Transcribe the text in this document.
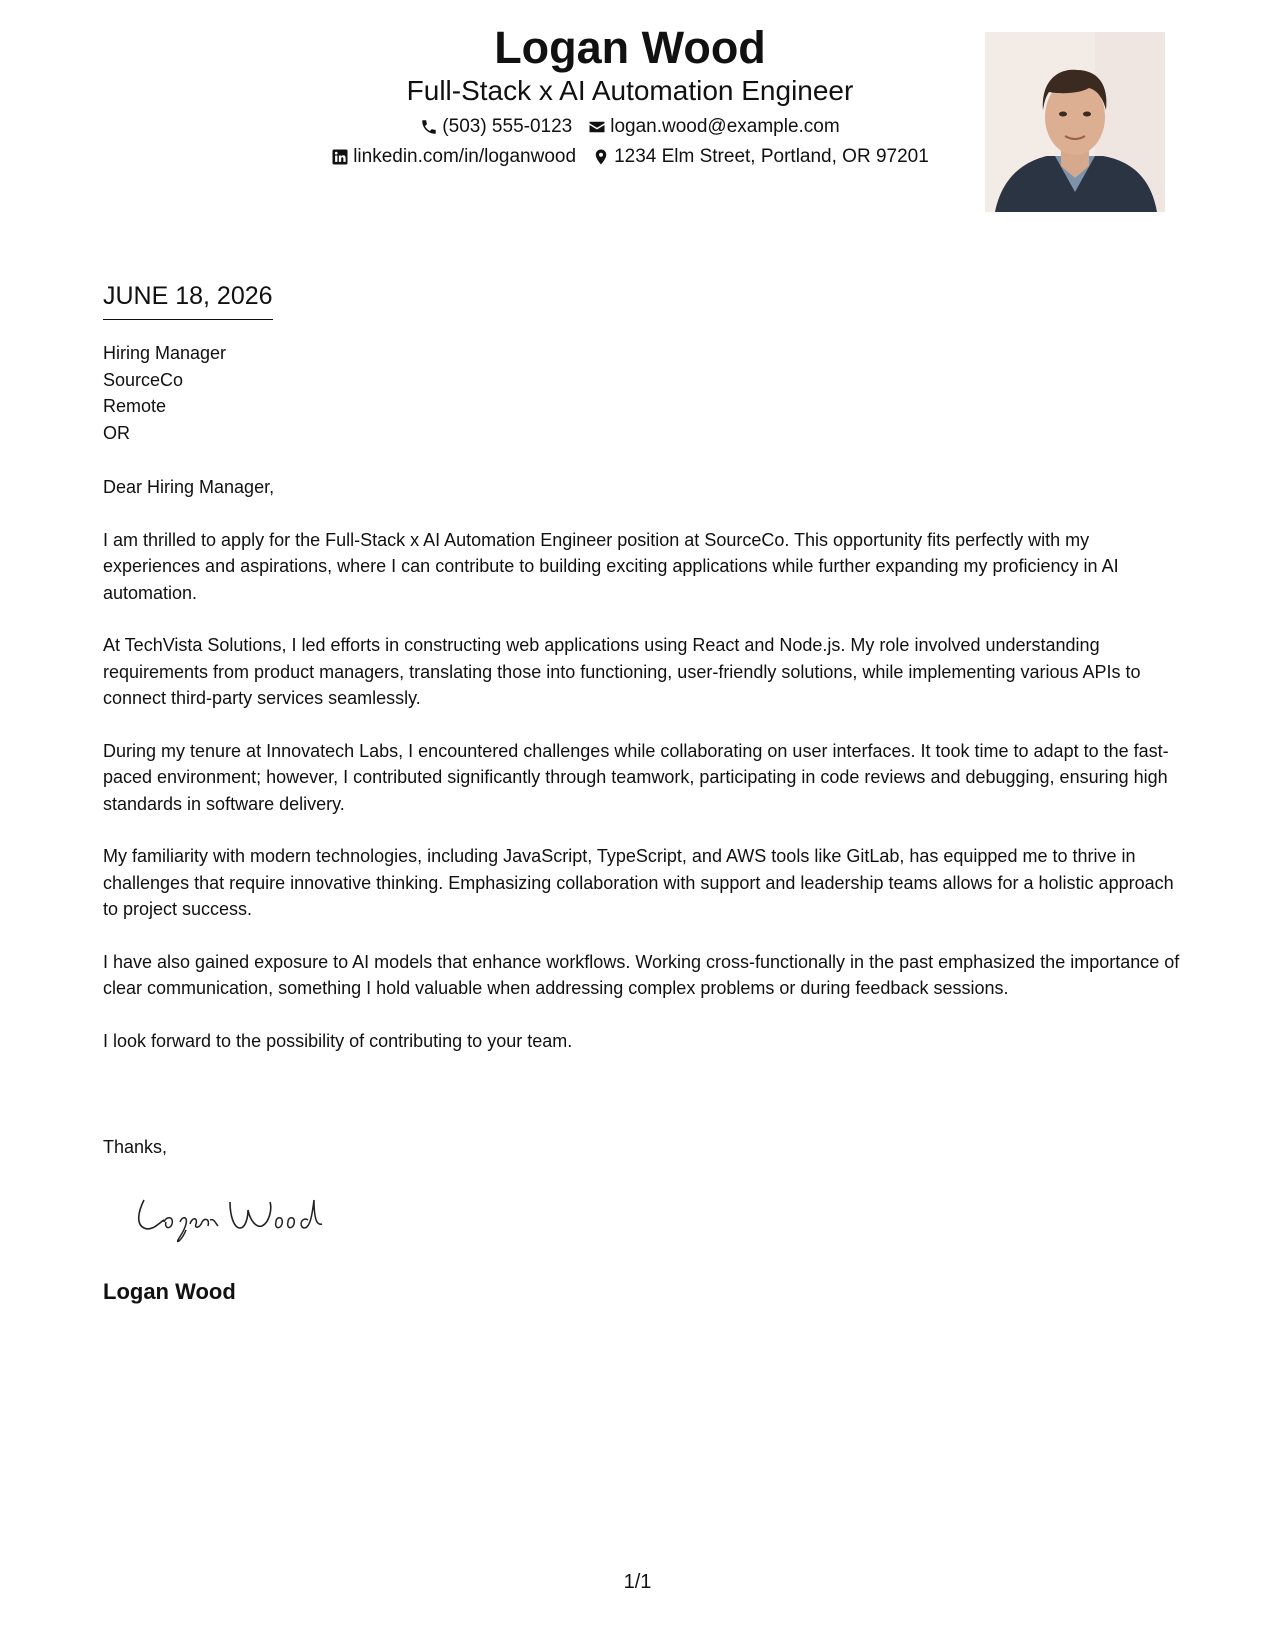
Logan Wood
Full-Stack x AI Automation Engineer
(503) 555-0123 logan.wood@example.com
linkedin.com/in/loganwood 1234 Elm Street, Portland, OR 97201
JUNE 18, 2026
Hiring Manager
SourceCo
Remote
OR

Dear Hiring Manager,

I am thrilled to apply for the Full-Stack x AI Automation Engineer position at SourceCo. This opportunity fits perfectly with my experiences and aspirations, where I can contribute to building exciting applications while further expanding my proficiency in AI automation.

At TechVista Solutions, I led efforts in constructing web applications using React and Node.js. My role involved understanding requirements from product managers, translating those into functioning, user-friendly solutions, while implementing various APIs to connect third-party services seamlessly.

During my tenure at Innovatech Labs, I encountered challenges while collaborating on user interfaces. It took time to adapt to the fast-paced environment; however, I contributed significantly through teamwork, participating in code reviews and debugging, ensuring high standards in software delivery.

My familiarity with modern technologies, including JavaScript, TypeScript, and AWS tools like GitLab, has equipped me to thrive in challenges that require innovative thinking. Emphasizing collaboration with support and leadership teams allows for a holistic approach to project success.

I have also gained exposure to AI models that enhance workflows. Working cross-functionally in the past emphasized the importance of clear communication, something I hold valuable when addressing complex problems or during feedback sessions.

I look forward to the possibility of contributing to your team.

Thanks,
Logan Wood
1/1
